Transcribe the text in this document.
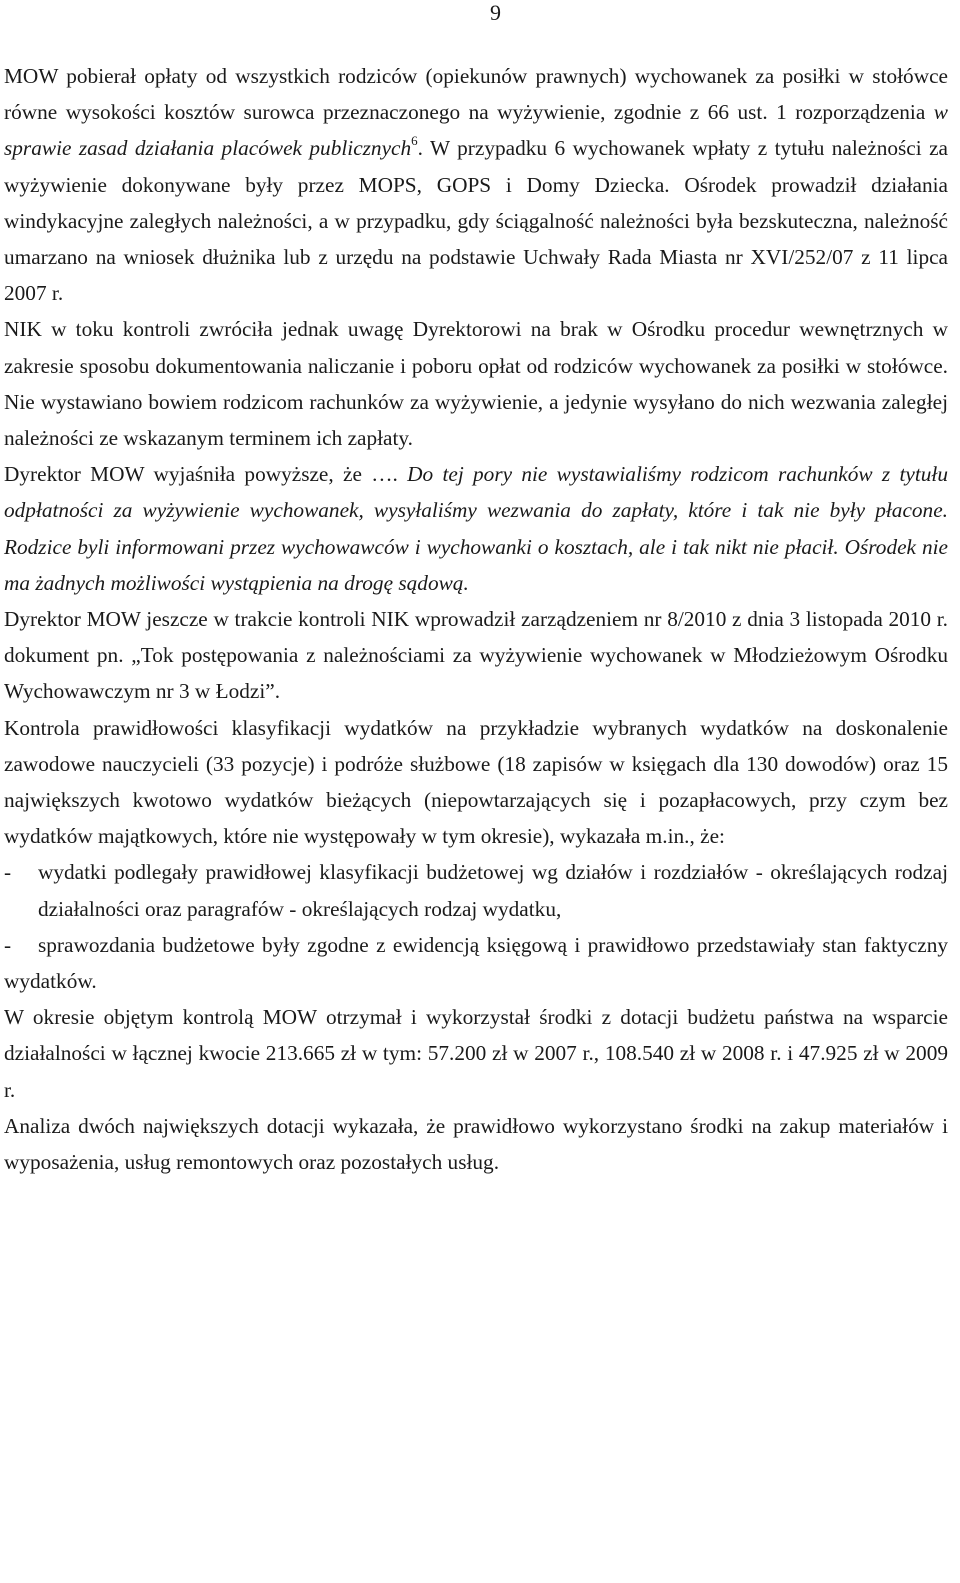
9

MOW pobierał opłaty od wszystkich rodziców (opiekunów prawnych) wychowanek za posiłki w stołówce równe wysokości kosztów surowca przeznaczonego na wyżywienie, zgodnie z 66 ust. 1 rozporządzenia w sprawie zasad działania placówek publicznych$^6$. W przypadku 6 wychowanek wpłaty z tytułu należności za wyżywienie dokonywane były przez MOPS, GOPS i Domy Dziecka. Ośrodek prowadził działania windykacyjne zaległych należności, a w przypadku, gdy ściągalność należności była bezskuteczna, należność umarzano na wniosek dłużnika lub z urzędu na podstawie Uchwały Rada Miasta nr XVI/252/07 z 11 lipca 2007 r.

NIK w toku kontroli zwróciła jednak uwagę Dyrektorowi na brak w Ośrodku procedur wewnętrznych w zakresie sposobu dokumentowania naliczanie i poboru opłat od rodziców wychowanek za posiłki w stołówce. Nie wystawiano bowiem rodzicom rachunków za wyżywienie, a jedynie wysyłano do nich wezwania zaległej należności ze wskazanym terminem ich zapłaty.

Dyrektor MOW wyjaśniła powyższe, że …. Do tej pory nie wystawialiśmy rodzicom rachunków z tytułu odpłatności za wyżywienie wychowanek, wysyłaliśmy wezwania do zapłaty, które i tak nie były płacone. Rodzice byli informowani przez wychowawców i wychowanki o kosztach, ale i tak nikt nie płacił. Ośrodek nie ma żadnych możliwości wystąpienia na drogę sądową.

Dyrektor MOW jeszcze w trakcie kontroli NIK wprowadził zarządzeniem nr 8/2010 z dnia 3 listopada 2010 r. dokument pn. „Tok postępowania z należnościami za wyżywienie wychowanek w Młodzieżowym Ośrodku Wychowawczym nr 3 w Łodzi”.

Kontrola prawidłowości klasyfikacji wydatków na przykładzie wybranych wydatków na doskonalenie zawodowe nauczycieli (33 pozycje) i podróże służbowe (18 zapisów w księgach dla 130 dowodów) oraz 15 największych kwotowo wydatków bieżących (niepowtarzających się i pozapłacowych, przy czym bez wydatków majątkowych, które nie występowały w tym okresie), wykazała m.in., że:

-	wydatki podlegały prawidłowej klasyfikacji budżetowej wg działów i rozdziałów - określających rodzaj działalności oraz paragrafów - określających rodzaj wydatku,

- sprawozdania budżetowe były zgodne z ewidencją księgową i prawidłowo przedstawiały stan faktyczny wydatków.

W okresie objętym kontrolą MOW otrzymał i wykorzystał środki z dotacji budżetu państwa na wsparcie działalności w łącznej kwocie 213.665 zł w tym: 57.200 zł w 2007 r., 108.540 zł w 2008 r. i 47.925 zł w 2009 r.

Analiza dwóch największych dotacji wykazała, że prawidłowo wykorzystano środki na zakup materiałów i wyposażenia, usług remontowych oraz pozostałych usług.
